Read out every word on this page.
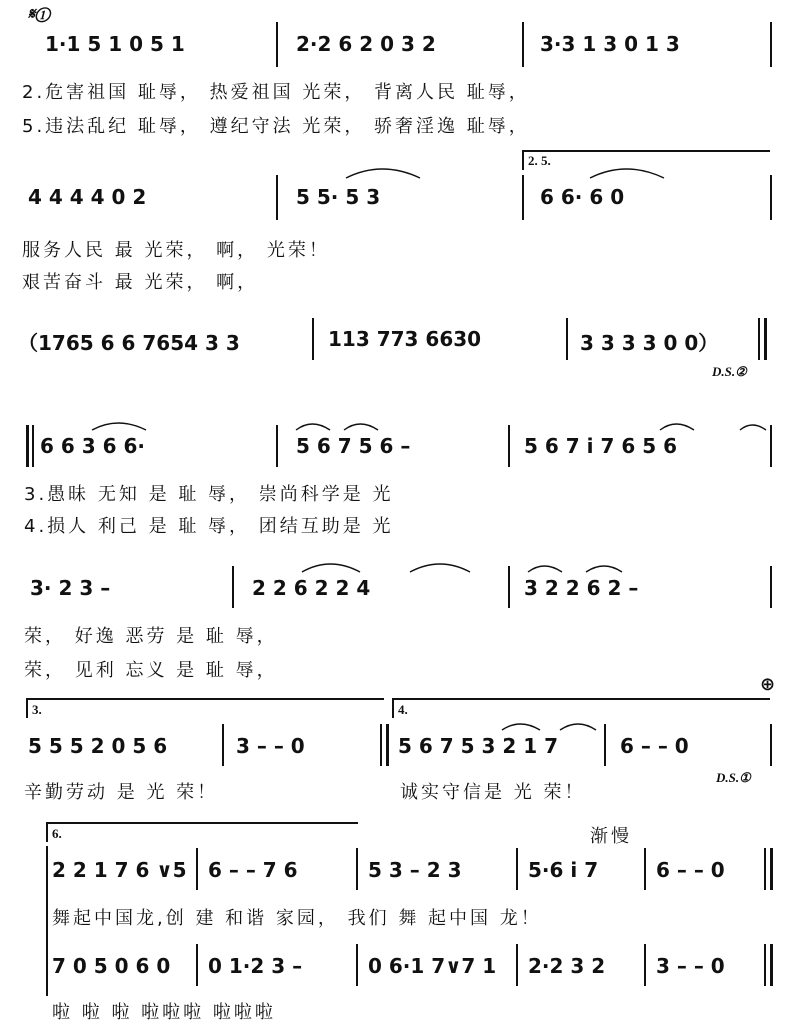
𝄋①
1·1 5 1 0 5 1	2·2 6 2 0 3 2	3·3 1 3 0 1 3
2.危害祖国 耻辱， 热爱祖国 光荣， 背离人民 耻辱，
5.违法乱纪 耻辱， 遵纪守法 光荣， 骄奢淫逸 耻辱，
2. 5.
4 4 4 4 0 2	5 5· 5 3	6 6· 6 0
服务人民 最 光荣， 啊， 光荣！
艰苦奋斗 最 光荣， 啊，
（1765 6 6 7654 3 3	113 773 6630	3 3 3 3 0 0）
D.S.②
6 6 3 6 6·	5 6 7 5 6 –	5 6 7 i 7 6 5 6
3.愚昧 无知 是 耻 辱， 崇尚科学是 光
4.损人 利己 是 耻 辱， 团结互助是 光
3· 2 3 –	2 2 6 2 2 4	3 2 2 6 2 –
荣， 好逸 恶劳 是 耻 辱，
荣， 见利 忘义 是 耻 辱，
⊕
3.	4.
5 5 5 2 0 5 6	3 – – 0	5 6 7 5 3 2 1 7	6 – – 0
辛勤劳动 是 光 荣！	诚实守信是 光 荣！
D.S.①
6.	渐慢
2 2 1 7 6 ∨5 6 – – 7 6	5 3 – 2 3	5·6 i 7	6 – – 0
舞起中国龙,创 建 和谐 家园， 我们 舞 起中国 龙！
7 0 5 0 6 0 0 1·2 3 –	0 6·1 7∨7 1 2·2 3 2	3 – – 0
啦 啦 啦 啦啦啦 啦啦啦
